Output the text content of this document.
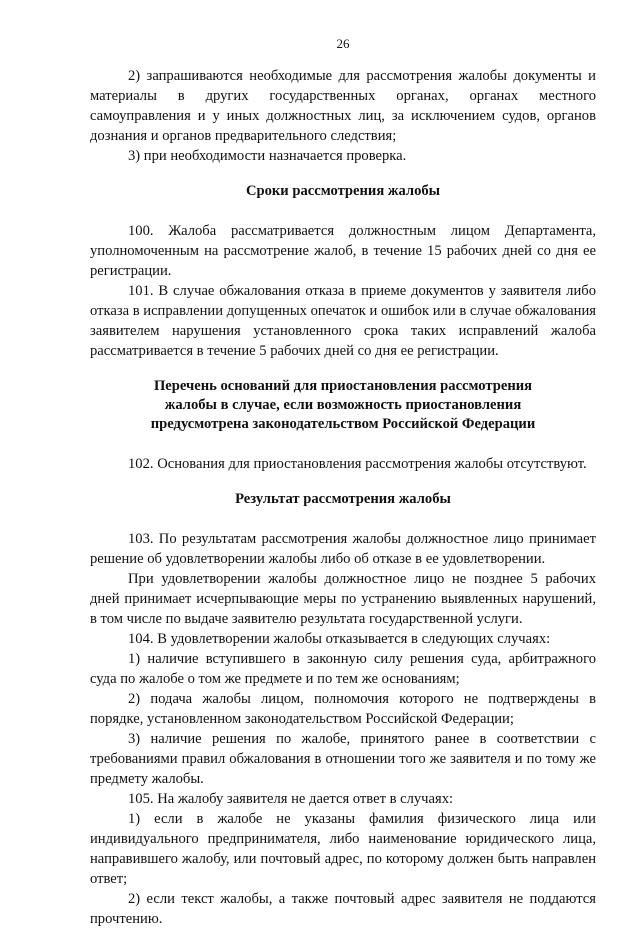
26

2) запрашиваются необходимые для рассмотрения жалобы документы и материалы в других государственных органах, органах местного самоуправления и у иных должностных лиц, за исключением судов, органов дознания и органов предварительного следствия;

3) при необходимости назначается проверка.

Сроки рассмотрения жалобы

100. Жалоба рассматривается должностным лицом Департамента, уполномоченным на рассмотрение жалоб, в течение 15 рабочих дней со дня ее регистрации.

101. В случае обжалования отказа в приеме документов у заявителя либо отказа в исправлении допущенных опечаток и ошибок или в случае обжалования заявителем нарушения установленного срока таких исправлений жалоба рассматривается в течение 5 рабочих дней со дня ее регистрации.

Перечень оснований для приостановления рассмотрения
жалобы в случае, если возможность приостановления
предусмотрена законодательством Российской Федерации

102. Основания для приостановления рассмотрения жалобы отсутствуют.

Результат рассмотрения жалобы

103. По результатам рассмотрения жалобы должностное лицо принимает решение об удовлетворении жалобы либо об отказе в ее удовлетворении.

При удовлетворении жалобы должностное лицо не позднее 5 рабочих дней принимает исчерпывающие меры по устранению выявленных нарушений, в том числе по выдаче заявителю результата государственной услуги.

104. В удовлетворении жалобы отказывается в следующих случаях:

1) наличие вступившего в законную силу решения суда, арбитражного суда по жалобе о том же предмете и по тем же основаниям;

2) подача жалобы лицом, полномочия которого не подтверждены в порядке, установленном законодательством Российской Федерации;

3) наличие решения по жалобе, принятого ранее в соответствии с требованиями правил обжалования в отношении того же заявителя и по тому же предмету жалобы.

105. На жалобу заявителя не дается ответ в случаях:

1) если в жалобе не указаны фамилия физического лица или индивидуального предпринимателя, либо наименование юридического лица, направившего жалобу, или почтовый адрес, по которому должен быть направлен ответ;

2) если текст жалобы, а также почтовый адрес заявителя не поддаются прочтению.
